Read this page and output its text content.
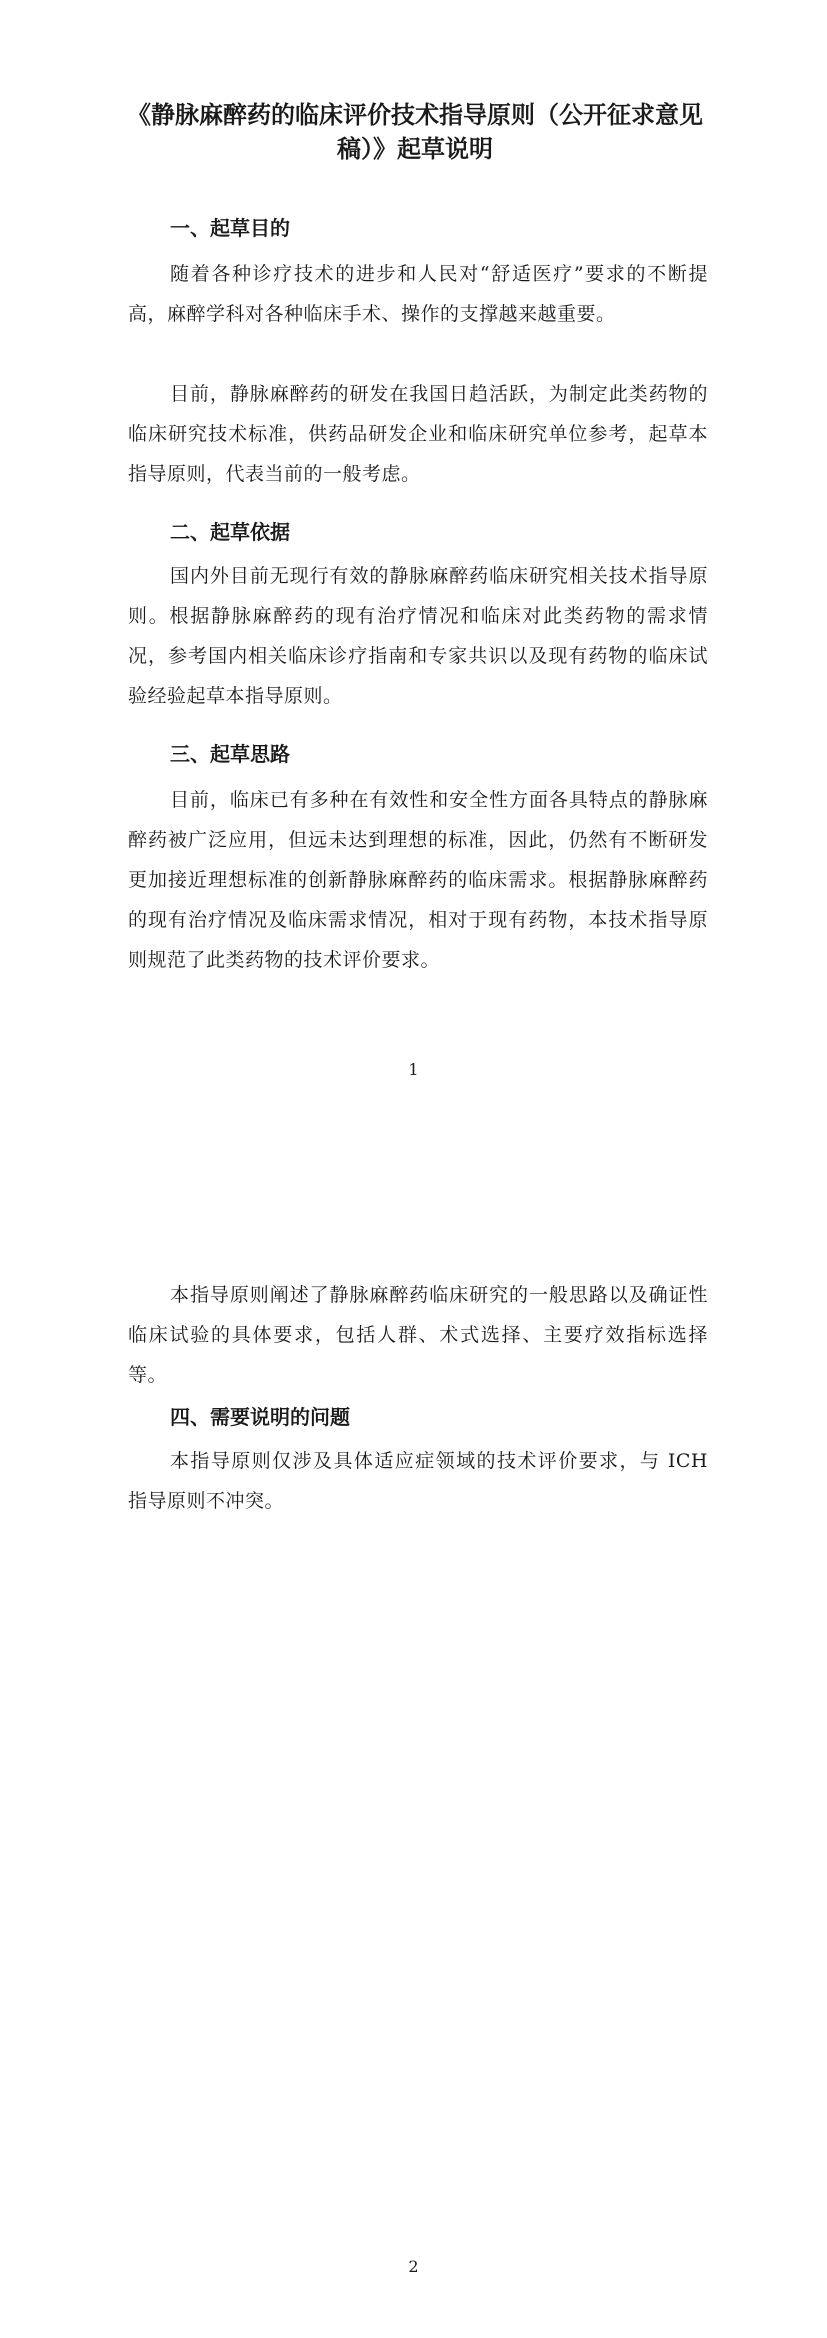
《静脉麻醉药的临床评价技术指导原则（公开征求意见稿）》起草说明
一、起草目的

随着各种诊疗技术的进步和人民对“舒适医疗”要求的不断提高，麻醉学科对各种临床手术、操作的支撑越来越重要。

目前，静脉麻醉药的研发在我国日趋活跃，为制定此类药物的临床研究技术标准，供药品研发企业和临床研究单位参考，起草本指导原则，代表当前的一般考虑。

二、起草依据

国内外目前无现行有效的静脉麻醉药临床研究相关技术指导原则。根据静脉麻醉药的现有治疗情况和临床对此类药物的需求情况，参考国内相关临床诊疗指南和专家共识以及现有药物的临床试验经验起草本指导原则。

三、起草思路

目前，临床已有多种在有效性和安全性方面各具特点的静脉麻醉药被广泛应用，但远未达到理想的标准，因此，仍然有不断研发更加接近理想标准的创新静脉麻醉药的临床需求。根据静脉麻醉药的现有治疗情况及临床需求情况，相对于现有药物，本技术指导原则规范了此类药物的技术评价要求。

1

本指导原则阐述了静脉麻醉药临床研究的一般思路以及确证性临床试验的具体要求，包括人群、术式选择、主要疗效指标选择等。

四、需要说明的问题

本指导原则仅涉及具体适应症领域的技术评价要求，与 ICH 指导原则不冲突。

2
